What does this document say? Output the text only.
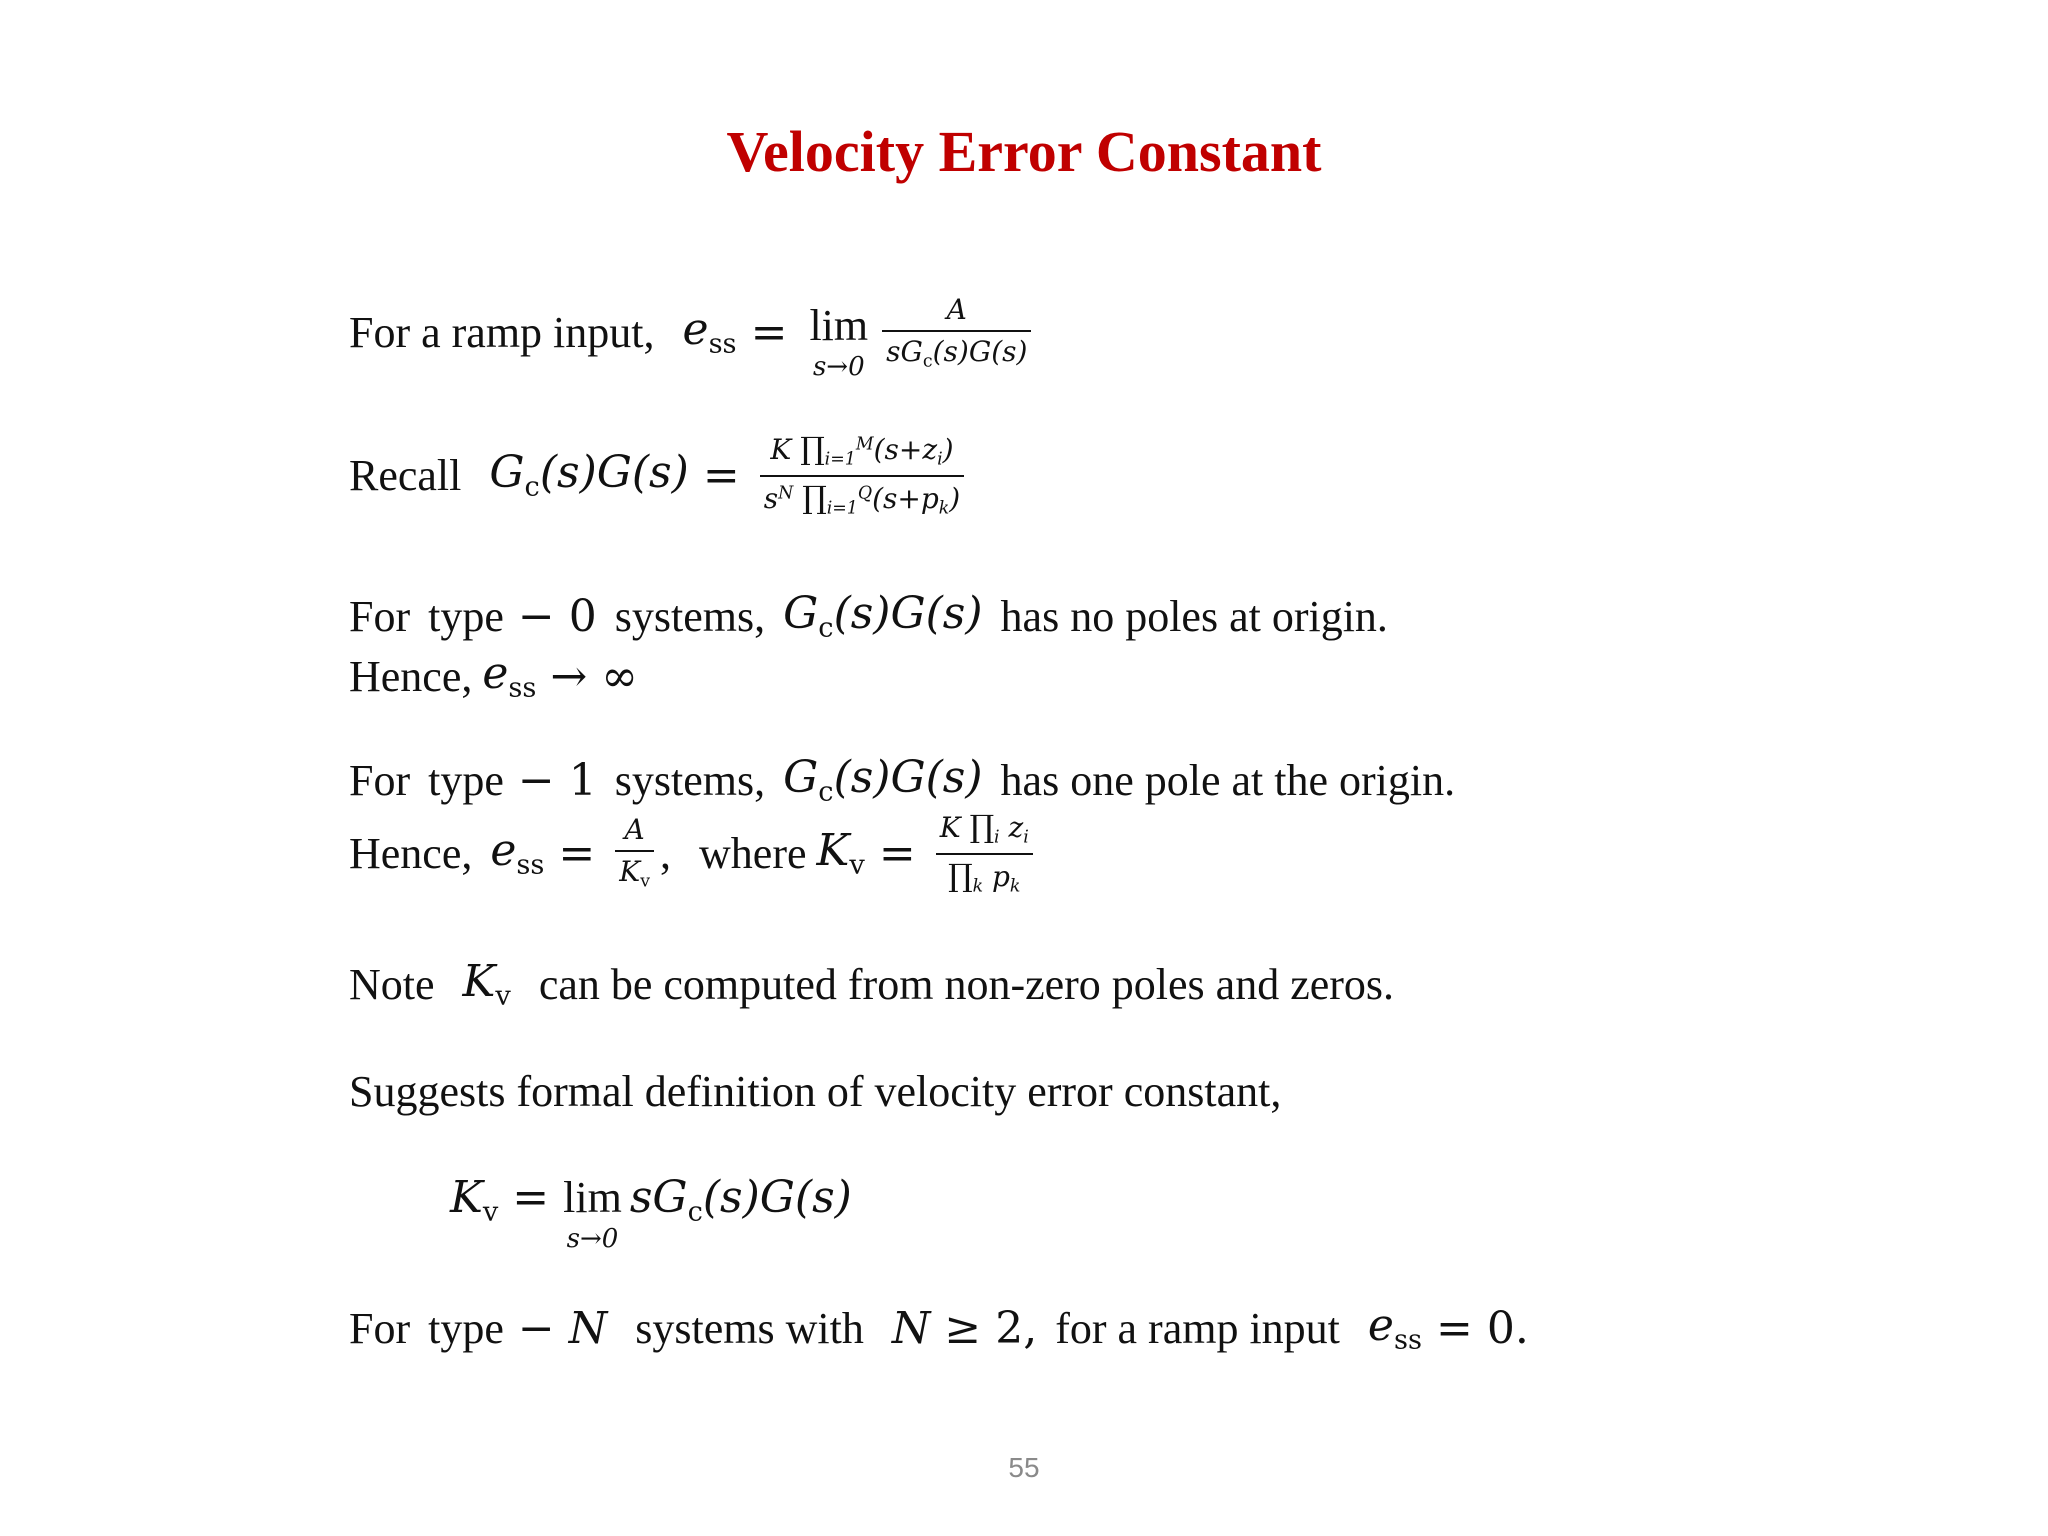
Velocity Error Constant
For a ramp input, $e_{ss} = \lim$
$s\to 0 \frac{A}{sG_c(s)G(s)}$
Recall $G_c(s)G(s) = \frac{K \prod_{i=1}^M(s+z_i)}{s^N \prod_{i=1}^Q(s+p_k)}$
For type − 0 systems, $G_c(s)G(s)$ has no poles at origin.
Hence, $e_{ss}$ → ∞
For type − 1 systems, $G_c(s)G(s)$ has one pole at the origin.
Hence, $e_{ss} = \frac{A}{K_v}$ , where $K_v = \frac{K \prod_i z_i}{\prod_k p_k}$
Note $K_v$ can be computed from non-zero poles and zeros.
Suggests formal definition of velocity error constant,
$K_v = \lim$
s→0
$sG_c(s)G(s)$
For type − N systems with N ≥ 2, for a ramp input $e_{ss} = 0$.
55
